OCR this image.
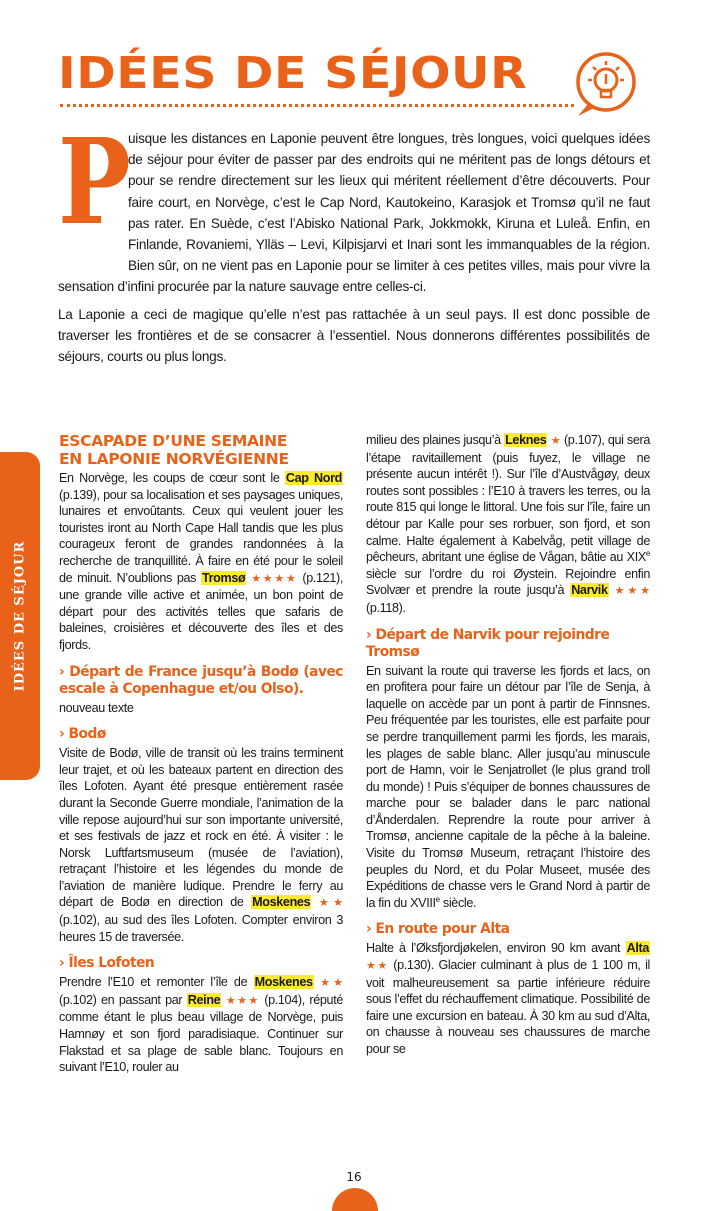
IDÉES DE SÉJOUR
P

uisque les distances en Laponie peuvent être longues, très longues, voici quelques idées de séjour pour éviter de passer par des endroits qui ne méritent pas de longs détours et pour se rendre directement sur les lieux qui méritent réellement d’être découverts. Pour faire court, en Norvège, c’est le Cap Nord, Kautokeino, Karasjok et Tromsø qu’il ne faut pas rater. En Suède, c’est l’Abisko National Park, Jokkmokk, Kiruna et Luleå. Enfin, en Finlande, Rovaniemi, Ylläs – Levi, Kilpisjarvi et Inari sont les immanquables de la région. Bien sûr, on ne vient pas en Laponie pour se limiter à ces petites villes, mais pour vivre la sensation d’infini procurée par la nature sauvage entre celles-ci.

La Laponie a ceci de magique qu’elle n’est pas rattachée à un seul pays. Il est donc possible de traverser les frontières et de se consacrer à l’essentiel. Nous donnerons différentes possibilités de séjours, courts ou plus longs.

IDÉES DE SÉJOUR
ESCAPADE D’UNE SEMAINE
EN LAPONIE NORVÉGIENNE

En Norvège, les coups de cœur sont le Cap Nord (p.139), pour sa localisation et ses paysages uniques, lunaires et envoûtants. Ceux qui veulent jouer les touristes iront au North Cape Hall tandis que les plus courageux feront de grandes randonnées à la recherche de tranquillité. À faire en été pour le soleil de minuit. N’oublions pas Tromsø ★★★★ (p.121), une grande ville active et animée, un bon point de départ pour des activités telles que safaris de baleines, croisières et découverte des îles et des fjords.

› Départ de France jusqu’à Bodø (avec escale à Copenhague et/ou Olso).

nouveau texte

› Bodø

Visite de Bodø, ville de transit où les trains terminent leur trajet, et où les bateaux partent en direction des îles Lofoten. Ayant été presque entièrement rasée durant la Seconde Guerre mondiale, l’animation de la ville repose aujourd’hui sur son importante université, et ses festivals de jazz et rock en été. À visiter : le Norsk Luftfartsmuseum (musée de l’aviation), retraçant l’histoire et les légendes du monde de l’aviation de manière ludique. Prendre le ferry au départ de Bodø en direction de Moskenes ★★ (p.102), au sud des îles Lofoten. Compter environ 3 heures 15 de traversée.

› Îles Lofoten

Prendre l’E10 et remonter l’île de Moskenes ★★ (p.102) en passant par Reine ★★★ (p.104), réputé comme étant le plus beau village de Norvège, puis Hamnøy et son fjord paradisiaque. Continuer sur Flakstad et sa plage de sable blanc. Toujours en suivant l’E10, rouler au

milieu des plaines jusqu’à Leknes ★ (p.107), qui sera l’étape ravitaillement (puis fuyez, le village ne présente aucun intérêt !). Sur l’île d’Austvågøy, deux routes sont possibles : l’E10 à travers les terres, ou la route 815 qui longe le littoral. Une fois sur l’île, faire un détour par Kalle pour ses rorbuer, son fjord, et son calme. Halte également à Kabelvåg, petit village de pêcheurs, abritant une église de Vågan, bâtie au XIXe siècle sur l’ordre du roi Øystein. Rejoindre enfin Svolvær et prendre la route jusqu’à Narvik ★★★ (p.118).

› Départ de Narvik pour rejoindre
Tromsø

En suivant la route qui traverse les fjords et lacs, on en profitera pour faire un détour par l’île de Senja, à laquelle on accède par un pont à partir de Finnsnes. Peu fréquentée par les touristes, elle est parfaite pour se perdre tranquillement parmi les fjords, les marais, les plages de sable blanc. Aller jusqu’au minuscule port de Hamn, voir le Senjatrollet (le plus grand troll du monde) ! Puis s’équiper de bonnes chaussures de marche pour se balader dans le parc national d’Ånderdalen. Reprendre la route pour arriver à Tromsø, ancienne capitale de la pêche à la baleine. Visite du Tromsø Museum, retraçant l’histoire des peuples du Nord, et du Polar Museet, musée des Expéditions de chasse vers le Grand Nord à partir de la fin du XVIIIe siècle.

› En route pour Alta

Halte à l’Øksfjordjøkelen, environ 90 km avant Alta ★★ (p.130). Glacier culminant à plus de 1 100 m, il voit malheureusement sa partie inférieure réduire sous l’effet du réchauffement climatique. Possibilité de faire une excursion en bateau. À 30 km au sud d’Alta, on chausse à nouveau ses chaussures de marche pour se

16
